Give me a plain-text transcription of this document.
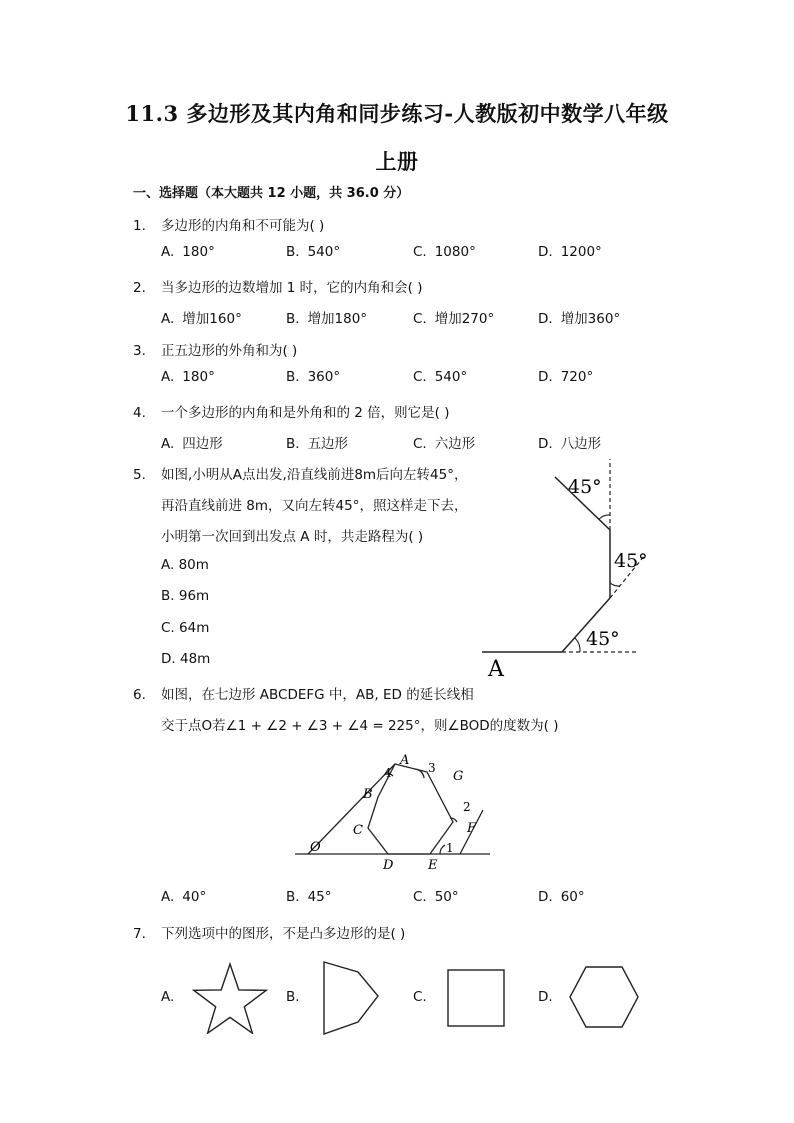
11.3 多边形及其内角和同步练习-人教版初中数学八年级
上册
一、选择题（本大题共 12 小题，共 36.0 分）
1. 多边形的内角和不可能为( )
A. 180°	B. 540°	C. 1080°	D. 1200°
2. 当多边形的边数增加 1 时，它的内角和会( )
A. 增加160°	B. 增加180°	C. 增加270°	D. 增加360°
3. 正五边形的外角和为( )
A. 180°	B. 360°	C. 540°	D. 720°
4. 一个多边形的内角和是外角和的 2 倍，则它是( )
A. 四边形	B. 五边形	C. 六边形	D. 八边形
5. 如图,小明从A点出发,沿直线前进8m后向左转45°，
再沿直线前进 8m，又向左转45°，照这样走下去，
小明第一次回到出发点 A 时，共走路程为( )
A. 80m
B. 96m
C. 64m
D. 48m
45°
45°
45°
A
6. 如图，在七边形 ABCDEFG 中，AB, ED 的延长线相
交于点O若∠1 + ∠2 + ∠3 + ∠4 = 225°，则∠BOD的度数为( )
O
A
B
C
D	E
F
G
1
2
3
4
A. 40°	B. 45°	C. 50°	D. 60°
7. 下列选项中的图形，不是凸多边形的是( )
A.	B.	C.	D.
